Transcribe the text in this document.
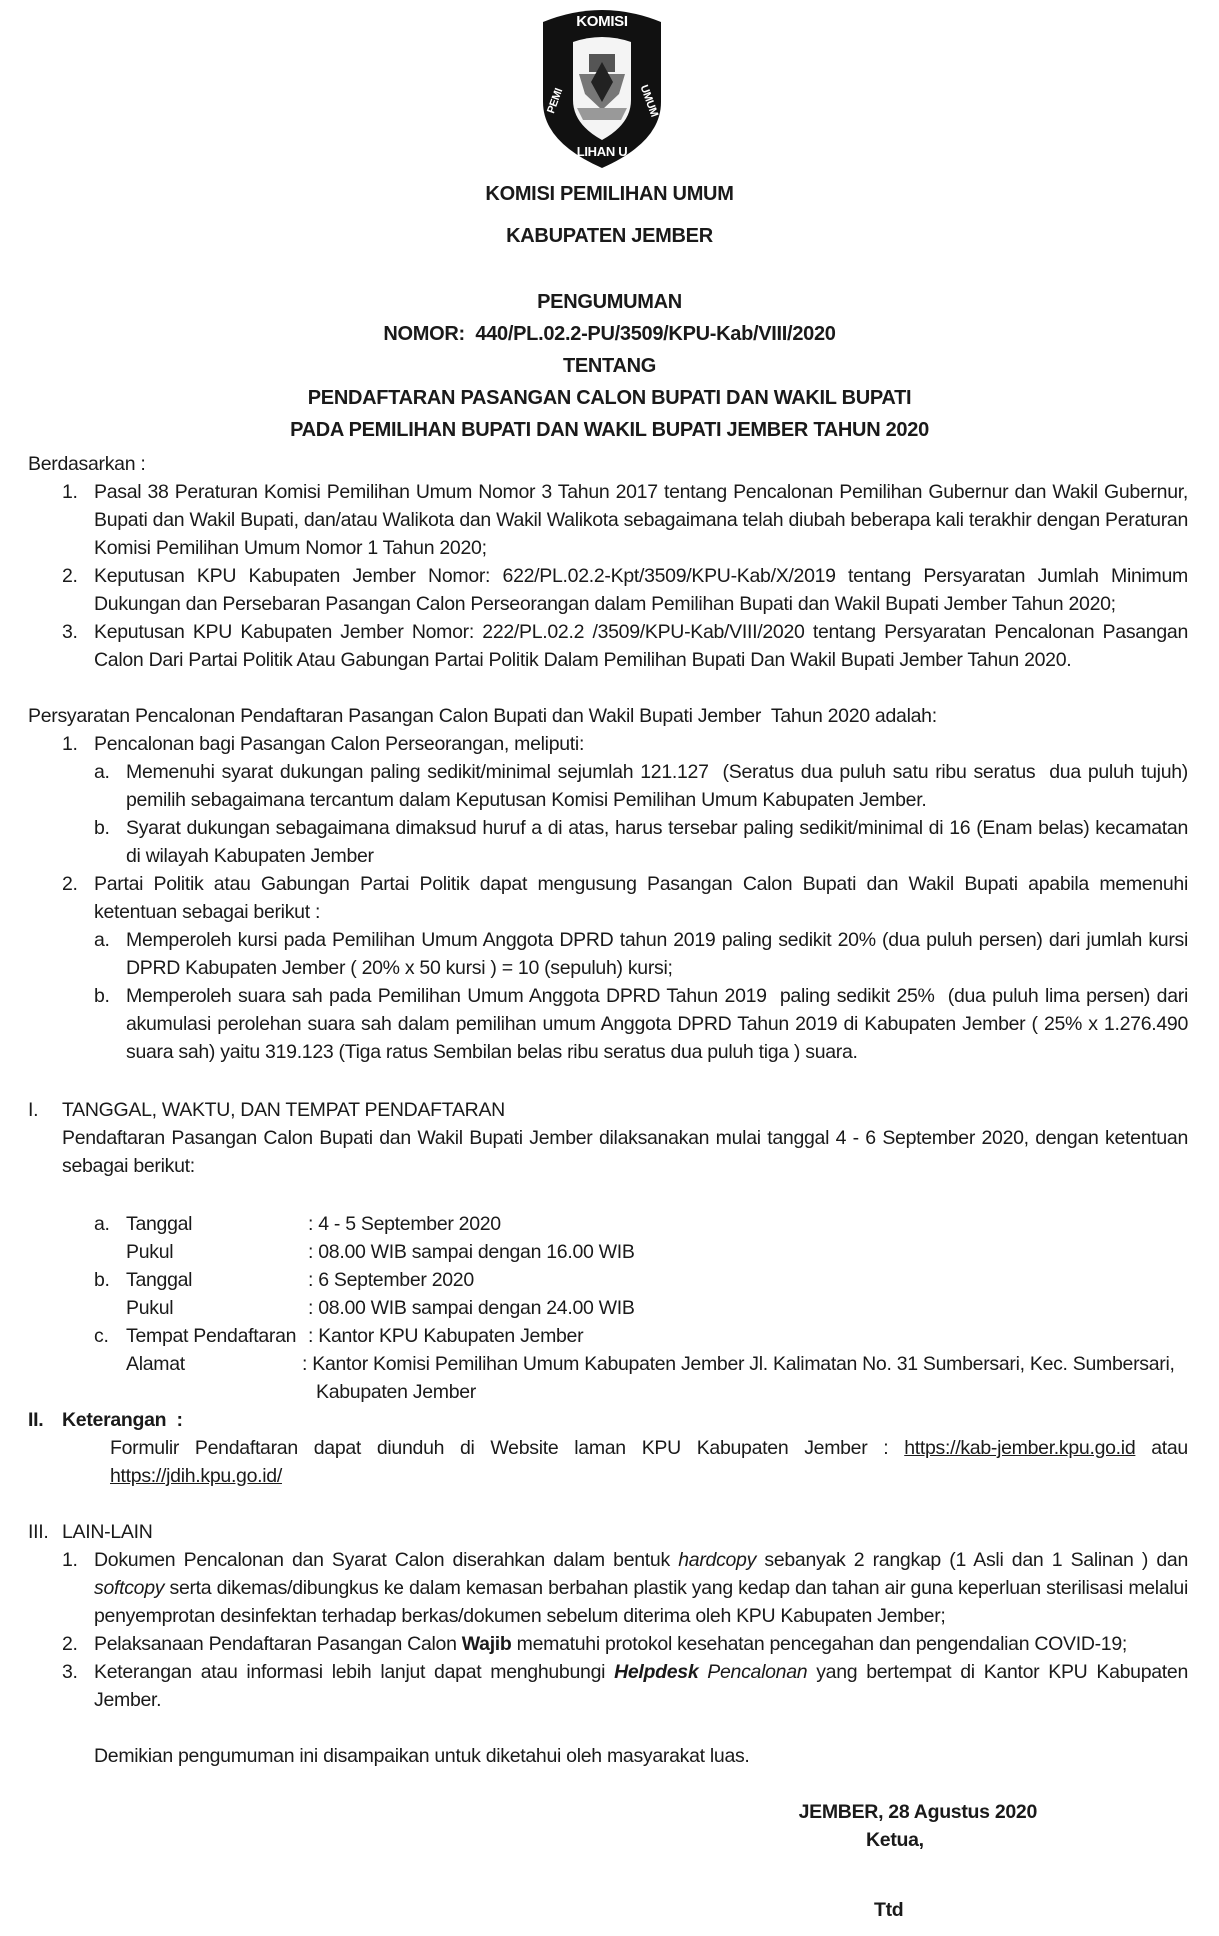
KOMISI
LIHAN U
PEMI	UMUM
KOMISI PEMILIHAN UMUM
KABUPATEN JEMBER
PENGUMUMAN
NOMOR:  440/PL.02.2-PU/3509/KPU-Kab/VIII/2020
TENTANG
PENDAFTARAN PASANGAN CALON BUPATI DAN WAKIL BUPATI
PADA PEMILIHAN BUPATI DAN WAKIL BUPATI JEMBER TAHUN 2020
Berdasarkan :
1. Pasal 38 Peraturan Komisi Pemilihan Umum Nomor 3 Tahun 2017 tentang Pencalonan Pemilihan Gubernur dan Wakil Gubernur, Bupati dan Wakil Bupati, dan/atau Walikota dan Wakil Walikota sebagaimana telah diubah beberapa kali terakhir dengan Peraturan Komisi Pemilihan Umum Nomor 1 Tahun 2020;
2. Keputusan KPU Kabupaten Jember Nomor: 622/PL.02.2-Kpt/3509/KPU-Kab/X/2019 tentang Persyaratan Jumlah Minimum Dukungan dan Persebaran Pasangan Calon Perseorangan dalam Pemilihan Bupati dan Wakil Bupati Jember Tahun 2020;
3. Keputusan KPU Kabupaten Jember Nomor: 222/PL.02.2 /3509/KPU-Kab/VIII/2020 tentang Persyaratan Pencalonan Pasangan Calon Dari Partai Politik Atau Gabungan Partai Politik Dalam Pemilihan Bupati Dan Wakil Bupati Jember Tahun 2020.
Persyaratan Pencalonan Pendaftaran Pasangan Calon Bupati dan Wakil Bupati Jember  Tahun 2020 adalah:
1. Pencalonan bagi Pasangan Calon Perseorangan, meliputi:
a. Memenuhi syarat dukungan paling sedikit/minimal sejumlah 121.127  (Seratus dua puluh satu ribu seratus  dua puluh tujuh) pemilih sebagaimana tercantum dalam Keputusan Komisi Pemilihan Umum Kabupaten Jember.
b. Syarat dukungan sebagaimana dimaksud huruf a di atas, harus tersebar paling sedikit/minimal di 16 (Enam belas) kecamatan di wilayah Kabupaten Jember
2. Partai Politik atau Gabungan Partai Politik dapat mengusung Pasangan Calon Bupati dan Wakil Bupati apabila memenuhi ketentuan sebagai berikut :
a. Memperoleh kursi pada Pemilihan Umum Anggota DPRD tahun 2019 paling sedikit 20% (dua puluh persen) dari jumlah kursi DPRD Kabupaten Jember ( 20% x 50 kursi ) = 10 (sepuluh) kursi;
b. Memperoleh suara sah pada Pemilihan Umum Anggota DPRD Tahun 2019  paling sedikit 25%  (dua puluh lima persen) dari akumulasi perolehan suara sah dalam pemilihan umum Anggota DPRD Tahun 2019 di Kabupaten Jember ( 25% x 1.276.490 suara sah) yaitu 319.123 (Tiga ratus Sembilan belas ribu seratus dua puluh tiga ) suara.
I. TANGGAL, WAKTU, DAN TEMPAT PENDAFTARAN
Pendaftaran Pasangan Calon Bupati dan Wakil Bupati Jember dilaksanakan mulai tanggal 4 - 6 September 2020, dengan ketentuan sebagai berikut:
a. Tanggal	: 4 - 5 September 2020
Pukul	: 08.00 WIB sampai dengan 16.00 WIB
b. Tanggal	: 6 September 2020
Pukul	: 08.00 WIB sampai dengan 24.00 WIB
c. Tempat Pendaftaran : Kantor KPU Kabupaten Jember
Alamat	: Kantor Komisi Pemilihan Umum Kabupaten Jember Jl. Kalimatan No. 31 Sumbersari, Kec. Sumbersari,
Kabupaten Jember
II. Keterangan  :
Formulir Pendaftaran dapat diunduh di Website laman KPU Kabupaten Jember : https://kab-jember.kpu.go.id atau https://jdih.kpu.go.id/
III. LAIN-LAIN
1. Dokumen Pencalonan dan Syarat Calon diserahkan dalam bentuk hardcopy sebanyak 2 rangkap (1 Asli dan 1 Salinan ) dan softcopy serta dikemas/dibungkus ke dalam kemasan berbahan plastik yang kedap dan tahan air guna keperluan sterilisasi melalui penyemprotan desinfektan terhadap berkas/dokumen sebelum diterima oleh KPU Kabupaten Jember;
2. Pelaksanaan Pendaftaran Pasangan Calon Wajib mematuhi protokol kesehatan pencegahan dan pengendalian COVID-19;
3. Keterangan atau informasi lebih lanjut dapat menghubungi Helpdesk Pencalonan yang bertempat di Kantor KPU Kabupaten Jember.
Demikian pengumuman ini disampaikan untuk diketahui oleh masyarakat luas.
JEMBER, 28 Agustus 2020
Ketua,
Ttd
